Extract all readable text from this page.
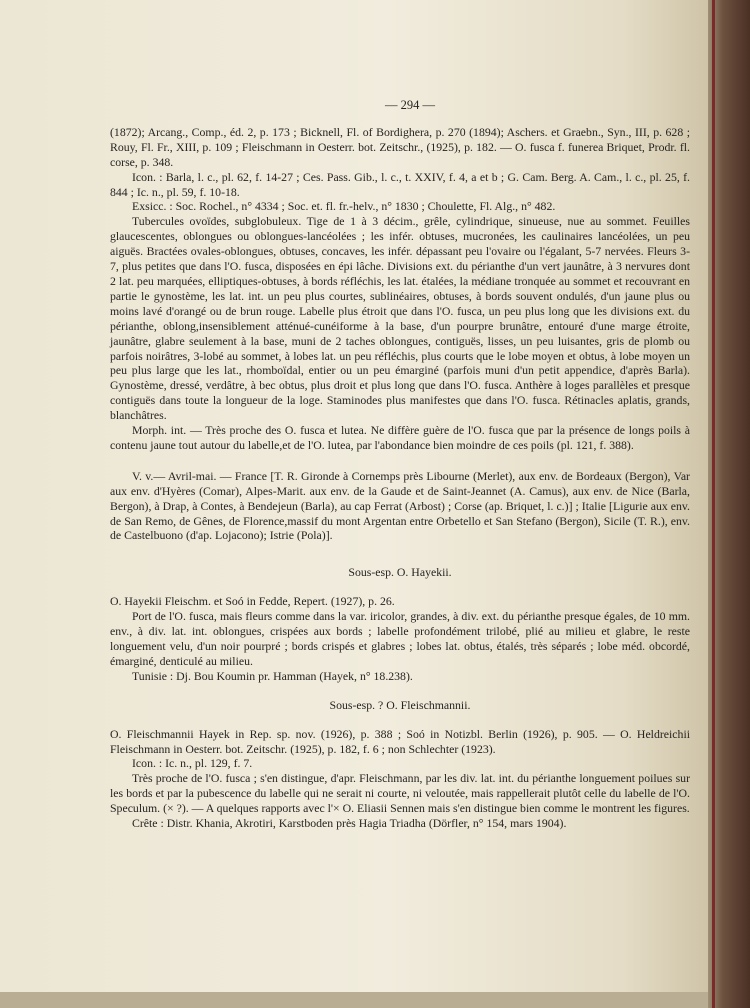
— 294 —

(1872); Arcang., Comp., éd. 2, p. 173 ; Bicknell, Fl. of Bordighera, p. 270 (1894); Aschers. et Graebn., Syn., III, p. 628 ; Rouy, Fl. Fr., XIII, p. 109 ; Fleischmann in Oesterr. bot. Zeitschr., (1925), p. 182. — O. fusca f. funerea Briquet, Prodr. fl. corse, p. 348.

Icon. : Barla, l. c., pl. 62, f. 14-27 ; Ces. Pass. Gib., l. c., t. XXIV, f. 4, a et b ; G. Cam. Berg. A. Cam., l. c., pl. 25, f. 844 ; Ic. n., pl. 59, f. 10-18.

Exsicc. : Soc. Rochel., n° 4334 ; Soc. et. fl. fr.-helv., n° 1830 ; Choulette, Fl. Alg., n° 482.

Tubercules ovoïdes, subglobuleux. Tige de 1 à 3 décim., grêle, cylindrique, sinueuse, nue au sommet. Feuilles glaucescentes, oblongues ou oblongues-lancéolées ; les infér. obtuses, mucronées, les caulinaires lancéolées, un peu aiguës. Bractées ovales-oblongues, obtuses, concaves, les infér. dépassant peu l'ovaire ou l'égalant, 5-7 nervées. Fleurs 3-7, plus petites que dans l'O. fusca, disposées en épi lâche. Divisions ext. du périanthe d'un vert jaunâtre, à 3 nervures dont 2 lat. peu marquées, elliptiques-obtuses, à bords réfléchis, les lat. étalées, la médiane tronquée au sommet et recouvrant en partie le gynostème, les lat. int. un peu plus courtes, sublinéaires, obtuses, à bords souvent ondulés, d'un jaune plus ou moins lavé d'orangé ou de brun rouge. Labelle plus étroit que dans l'O. fusca, un peu plus long que les divisions ext. du périanthe, oblong,insensiblement atténué-cunéiforme à la base, d'un pourpre brunâtre, entouré d'une marge étroite, jaunâtre, glabre seulement à la base, muni de 2 taches oblongues, contiguës, lisses, un peu luisantes, gris de plomb ou parfois noirâtres, 3-lobé au sommet, à lobes lat. un peu réfléchis, plus courts que le lobe moyen et obtus, à lobe moyen un peu plus large que les lat., rhomboïdal, entier ou un peu émarginé (parfois muni d'un petit appendice, d'après Barla). Gynostème, dressé, verdâtre, à bec obtus, plus droit et plus long que dans l'O. fusca. Anthère à loges parallèles et presque contiguës dans toute la longueur de la loge. Staminodes plus manifestes que dans l'O. fusca. Rétinacles aplatis, grands, blanchâtres.

Morph. int. — Très proche des O. fusca et lutea. Ne diffère guère de l'O. fusca que par la présence de longs poils à contenu jaune tout autour du labelle,et de l'O. lutea, par l'abondance bien moindre de ces poils (pl. 121, f. 388).

V. v.— Avril-mai. — France [T. R. Gironde à Cornemps près Libourne (Merlet), aux env. de Bordeaux (Bergon), Var aux env. d'Hyères (Comar), Alpes-Marit. aux env. de la Gaude et de Saint-Jeannet (A. Camus), aux env. de Nice (Barla, Bergon), à Drap, à Contes, à Bendejeun (Barla), au cap Ferrat (Arbost) ; Corse (ap. Briquet, l. c.)] ; Italie [Ligurie aux env. de San Remo, de Gênes, de Florence,massif du mont Argentan entre Orbetello et San Stefano (Bergon), Sicile (T. R.), env. de Castelbuono (d'ap. Lojacono); Istrie (Pola)].

Sous-esp. O. Hayekii.

O. Hayekii Fleischm. et Soó in Fedde, Repert. (1927), p. 26.

Port de l'O. fusca, mais fleurs comme dans la var. iricolor, grandes, à div. ext. du périanthe presque égales, de 10 mm. env., à div. lat. int. oblongues, crispées aux bords ; labelle profondément trilobé, plié au milieu et glabre, le reste longuement velu, d'un noir pourpré ; bords crispés et glabres ; lobes lat. obtus, étalés, très séparés ; lobe méd. obcordé, émarginé, denticulé au milieu.

Tunisie : Dj. Bou Koumin pr. Hamman (Hayek, n° 18.238).

Sous-esp. ? O. Fleischmannii.

O. Fleischmannii Hayek in Rep. sp. nov. (1926), p. 388 ; Soó in Notizbl. Berlin (1926), p. 905. — O. Heldreichii Fleischmann in Oesterr. bot. Zeitschr. (1925), p. 182, f. 6 ; non Schlechter (1923).

Icon. : Ic. n., pl. 129, f. 7.

Très proche de l'O. fusca ; s'en distingue, d'apr. Fleischmann, par les div. lat. int. du périanthe longuement poilues sur les bords et par la pubescence du labelle qui ne serait ni courte, ni veloutée, mais rappellerait plutôt celle du labelle de l'O. Speculum. (× ?). — A quelques rapports avec l'× O. Eliasii Sennen mais s'en distingue bien comme le montrent les figures.

Crête : Distr. Khania, Akrotiri, Karstboden près Hagia Triadha (Dörfler, n° 154, mars 1904).
